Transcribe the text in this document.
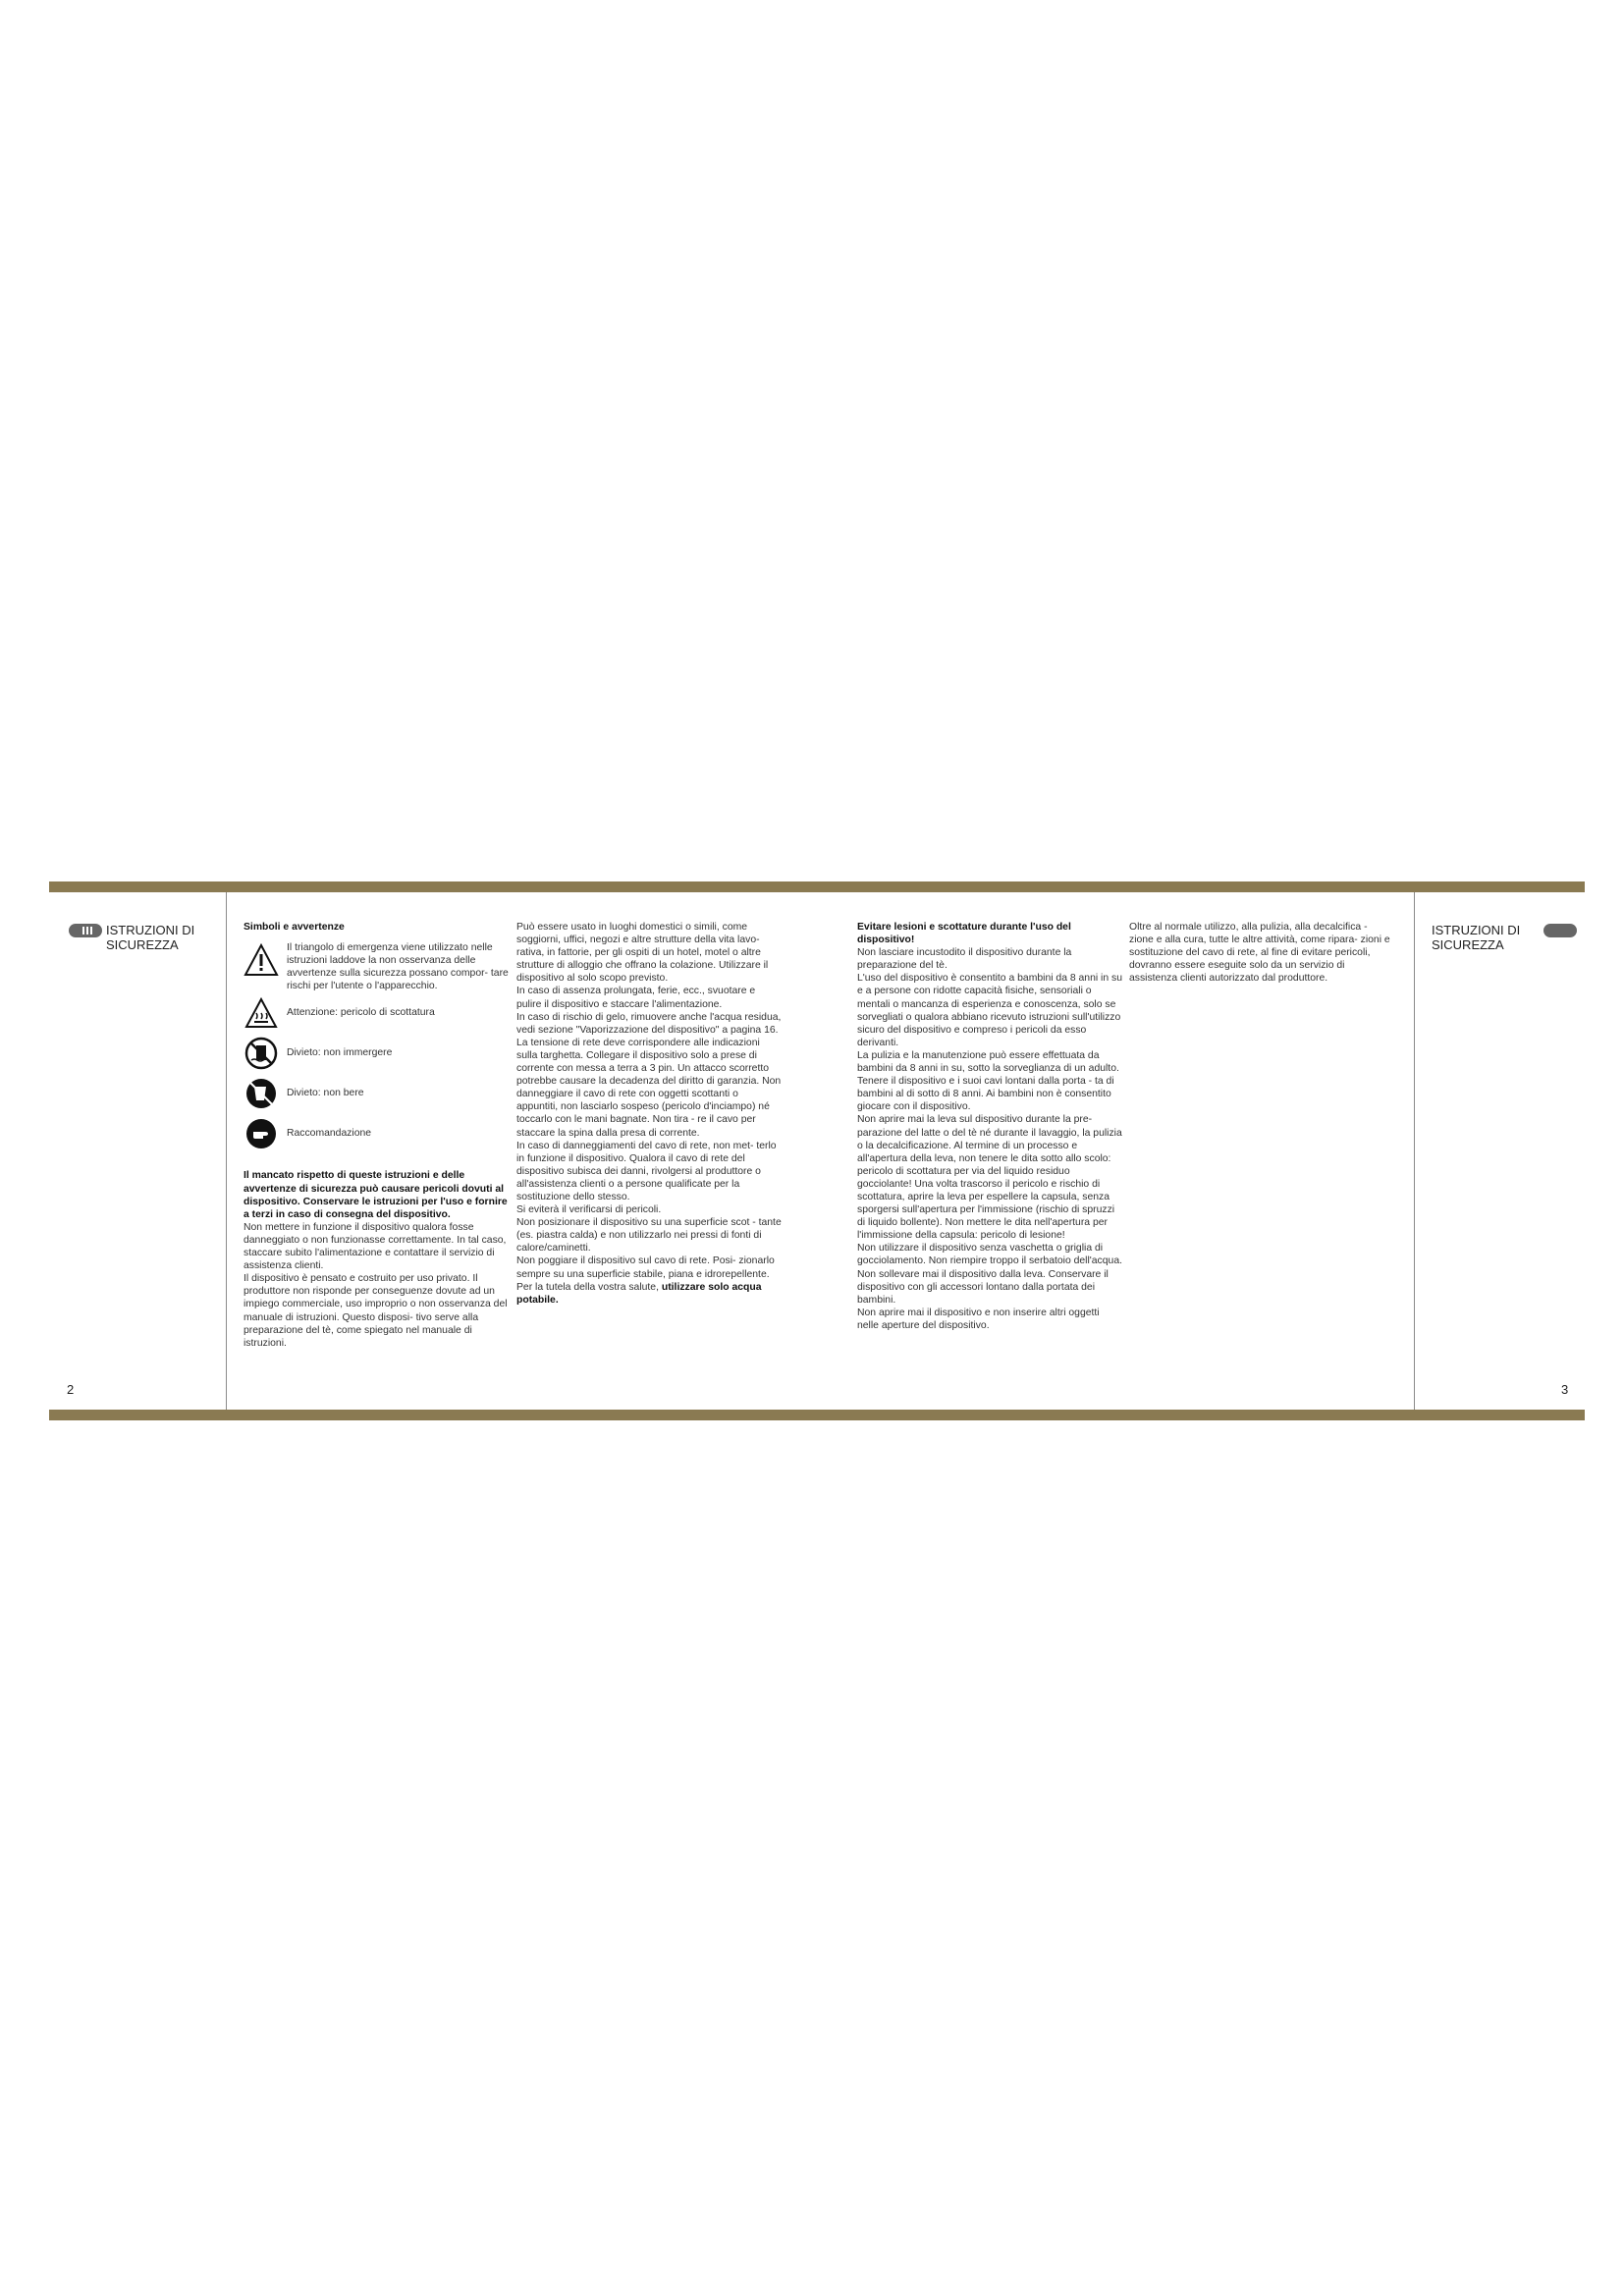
ISTRUZIONI DI
SICUREZZA
2
ISTRUZIONI DI
SICUREZZA
3

Simboli e avvertenze

Il triangolo di emergenza viene utilizzato nelle istruzioni laddove la non osservanza delle avvertenze sulla sicurezza possano compor- tare rischi per l'utente o l'apparecchio.

Attenzione: pericolo di scottatura
Divieto: non immergere
Divieto: non bere
Raccomandazione

Il mancato rispetto di queste istruzioni e delle avvertenze di sicurezza può causare pericoli dovuti al dispositivo. Conservare le istruzioni per l'uso e fornire a terzi in caso di consegna del dispositivo.

Non mettere in funzione il dispositivo qualora fosse danneggiato o non funzionasse correttamente. In tal caso, staccare subito l'alimentazione e contattare il servizio di assistenza clienti.
Il dispositivo è pensato e costruito per uso privato. Il produttore non risponde per conseguenze dovute ad un impiego commerciale, uso improprio o non osservanza del manuale di istruzioni. Questo disposi- tivo serve alla preparazione del tè, come spiegato nel manuale di istruzioni.

Può essere usato in luoghi domestici o simili, come soggiorni, uffici, negozi e altre strutture della vita lavo- rativa, in fattorie, per gli ospiti di un hotel, motel o altre strutture di alloggio che offrano la colazione. Utilizzare il dispositivo al solo scopo previsto.
In caso di assenza prolungata, ferie, ecc., svuotare e pulire il dispositivo e staccare l'alimentazione.
In caso di rischio di gelo, rimuovere anche l'acqua residua, vedi sezione "Vaporizzazione del dispositivo" a pagina 16.
La tensione di rete deve corrispondere alle indicazioni sulla targhetta. Collegare il dispositivo solo a prese di corrente con messa a terra a 3 pin. Un attacco scorretto potrebbe causare la decadenza del diritto di garanzia. Non danneggiare il cavo di rete con oggetti scottanti o appuntiti, non lasciarlo sospeso (pericolo d'inciampo) né toccarlo con le mani bagnate. Non tira - re il cavo per staccare la spina dalla presa di corrente.
In caso di danneggiamenti del cavo di rete, non met- terlo in funzione il dispositivo. Qualora il cavo di rete del dispositivo subisca dei danni, rivolgersi al produttore o all'assistenza clienti o a persone qualificate per la sostituzione dello stesso.
Si eviterà il verificarsi di pericoli.
Non posizionare il dispositivo su una superficie scot - tante (es. piastra calda) e non utilizzarlo nei pressi di fonti di calore/caminetti.
Non poggiare il dispositivo sul cavo di rete. Posi- zionarlo sempre su una superficie stabile, piana e idrorepellente.

Per la tutela della vostra salute, utilizzare solo acqua potabile.

Evitare lesioni e scottature durante l'uso del dispositivo!

Non lasciare incustodito il dispositivo durante la preparazione del tè.
L'uso del dispositivo è consentito a bambini da 8 anni in su e a persone con ridotte capacità fisiche, sensoriali o mentali o mancanza di esperienza e conoscenza, solo se sorvegliati o qualora abbiano ricevuto istruzioni sull'utilizzo sicuro del dispositivo e compreso i pericoli da esso derivanti.
La pulizia e la manutenzione può essere effettuata da bambini da 8 anni in su, sotto la sorveglianza di un adulto.
Tenere il dispositivo e i suoi cavi lontani dalla porta - ta di bambini al di sotto di 8 anni. Ai bambini non è consentito giocare con il dispositivo.
Non aprire mai la leva sul dispositivo durante la pre- parazione del latte o del tè né durante il lavaggio, la pulizia o la decalcificazione. Al termine di un processo e all'apertura della leva, non tenere le dita sotto allo scolo: pericolo di scottatura per via del liquido residuo gocciolante! Una volta trascorso il pericolo e rischio di scottatura, aprire la leva per espellere la capsula, senza sporgersi sull'apertura per l'immissione (rischio di spruzzi di liquido bollente). Non mettere le dita nell'apertura per l'immissione della capsula: pericolo di lesione!
Non utilizzare il dispositivo senza vaschetta o griglia di gocciolamento. Non riempire troppo il serbatoio dell'acqua. Non sollevare mai il dispositivo dalla leva. Conservare il dispositivo con gli accessori lontano dalla portata dei bambini.
Non aprire mai il dispositivo e non inserire altri oggetti nelle aperture del dispositivo.

Oltre al normale utilizzo, alla pulizia, alla decalcifica - zione e alla cura, tutte le altre attività, come ripara- zioni e sostituzione del cavo di rete, al fine di evitare pericoli, dovranno essere eseguite solo da un servizio di assistenza clienti autorizzato dal produttore.
